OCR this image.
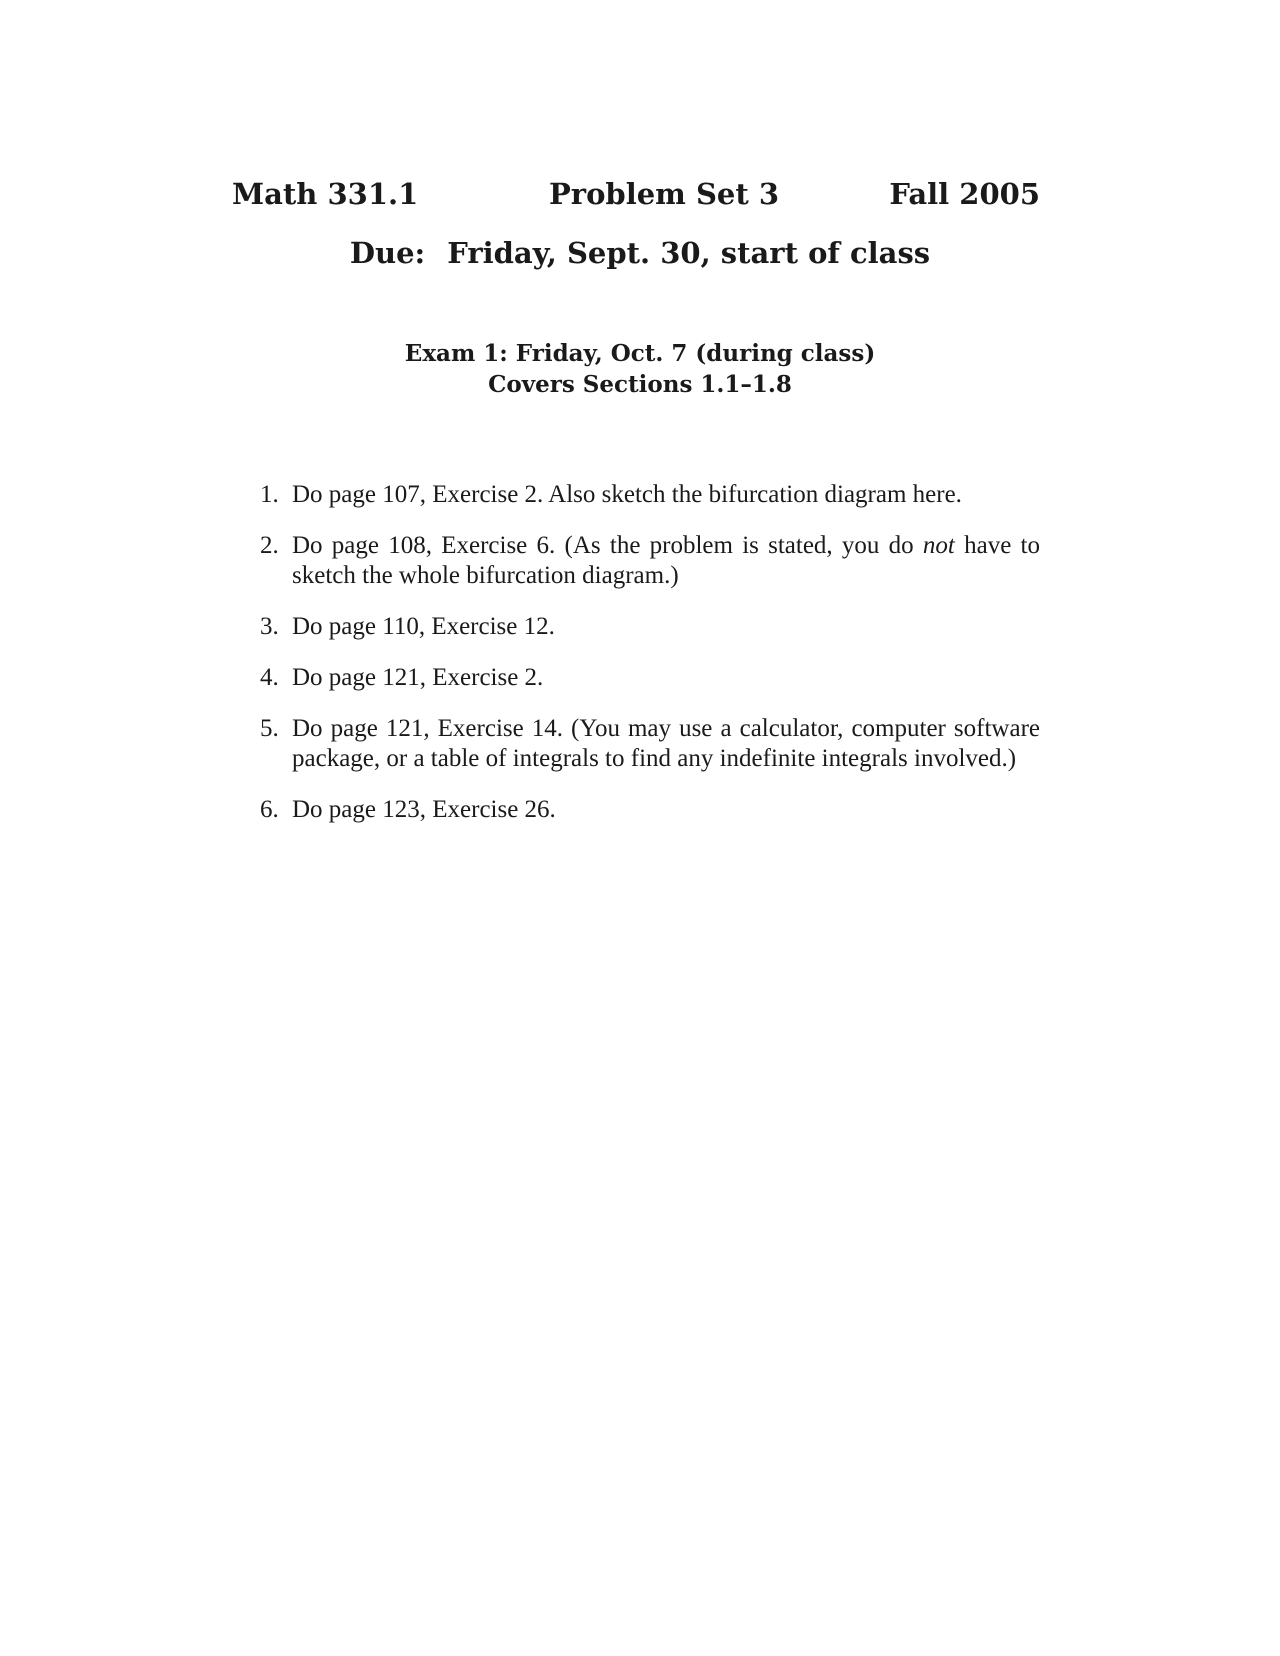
Math 331.1	Problem Set 3	Fall 2005
Due: Friday, Sept. 30, start of class
Exam 1: Friday, Oct. 7 (during class)
Covers Sections 1.1–1.8
1. Do page 107, Exercise 2. Also sketch the bifurcation diagram here.
2. Do page 108, Exercise 6. (As the problem is stated, you do not have to sketch the whole bifurcation diagram.)
3. Do page 110, Exercise 12.
4. Do page 121, Exercise 2.
5. Do page 121, Exercise 14. (You may use a calculator, computer software package, or a table of integrals to find any indefinite integrals involved.)
6. Do page 123, Exercise 26.
